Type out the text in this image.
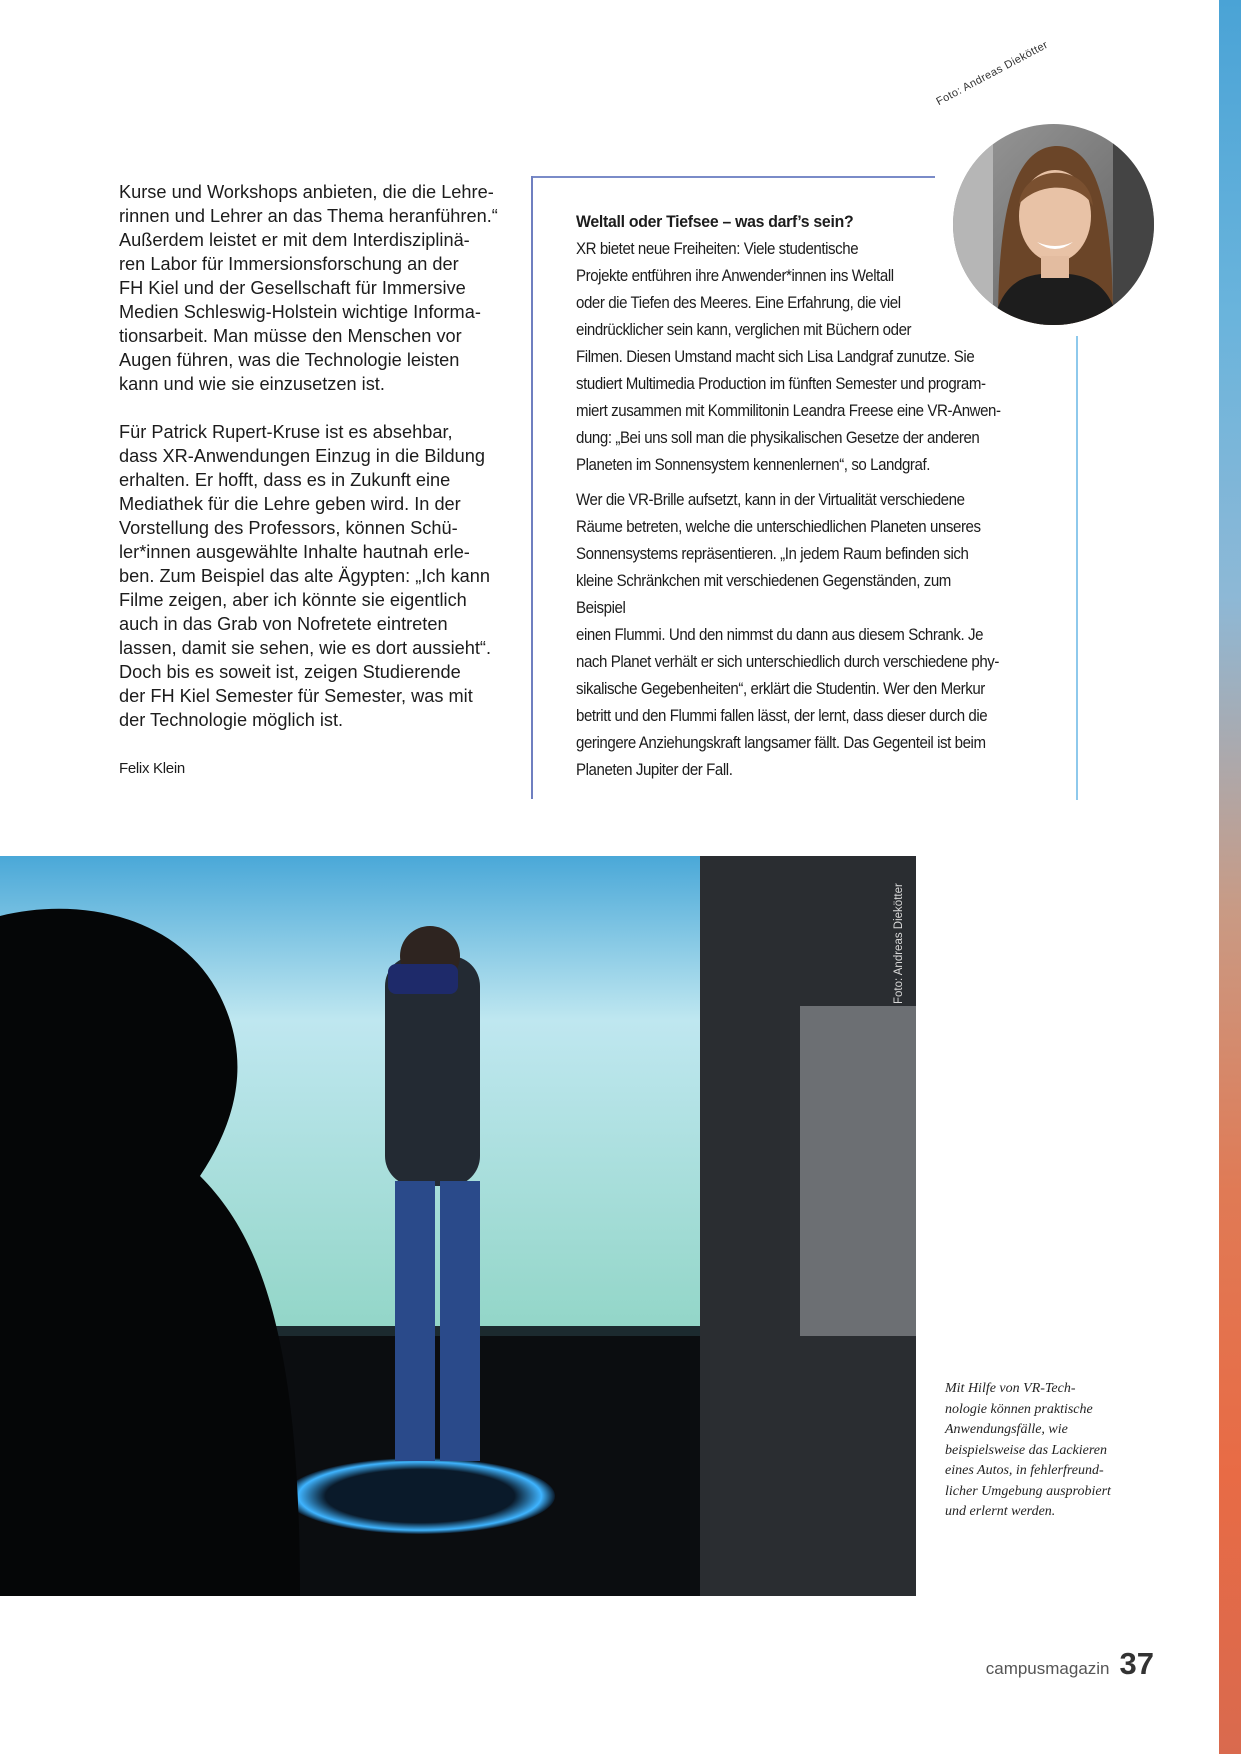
Kurse und Workshops anbieten, die die Lehre-
rinnen und Lehrer an das Thema heranführen.“
Außerdem leistet er mit dem Interdisziplinä-
ren Labor für Immersionsforschung an der
FH Kiel und der Gesellschaft für Immersive
Medien Schleswig-Holstein wichtige Informa-
tionsarbeit. Man müsse den Menschen vor
Augen führen, was die Technologie leisten
kann und wie sie einzusetzen ist.

Für Patrick Rupert-Kruse ist es absehbar,
dass XR-Anwendungen Einzug in die Bildung
erhalten. Er hofft, dass es in Zukunft eine
Mediathek für die Lehre geben wird. In der
Vorstellung des Professors, können Schü-
ler*innen ausgewählte Inhalte hautnah erle-
ben. Zum Beispiel das alte Ägypten: „Ich kann
Filme zeigen, aber ich könnte sie eigentlich
auch in das Grab von Nofretete eintreten
lassen, damit sie sehen, wie es dort aussieht“.
Doch bis es soweit ist, zeigen Studierende
der FH Kiel Semester für Semester, was mit
der Technologie möglich ist.

Felix Klein
Weltall oder Tiefsee – was darf’s sein?

XR bietet neue Freiheiten: Viele studentische
Projekte entführen ihre Anwender*innen ins Weltall
oder die Tiefen des Meeres. Eine Erfahrung, die viel
eindrücklicher sein kann, verglichen mit Büchern oder
Filmen. Diesen Umstand macht sich Lisa Landgraf zunutze. Sie
studiert Multimedia Production im fünften Semester und program-
miert zusammen mit Kommilitonin Leandra Freese eine VR-Anwen-
dung: „Bei uns soll man die physikalischen Gesetze der anderen
Planeten im Sonnensystem kennenlernen“, so Landgraf.

Wer die VR-Brille aufsetzt, kann in der Virtualität verschiedene
Räume betreten, welche die unterschiedlichen Planeten unseres
Sonnensystems repräsentieren. „In jedem Raum befinden sich
kleine Schränkchen mit verschiedenen Gegenständen, zum Beispiel
einen Flummi. Und den nimmst du dann aus diesem Schrank. Je
nach Planet verhält er sich unterschiedlich durch verschiedene phy-
sikalische Gegebenheiten“, erklärt die Studentin. Wer den Merkur
betritt und den Flummi fallen lässt, der lernt, dass dieser durch die
geringere Anziehungskraft langsamer fällt. Das Gegenteil ist beim
Planeten Jupiter der Fall.

Foto: Andreas Diekötter
Foto: Andreas Diekötter
Mit Hilfe von VR-Tech-
nologie können praktische
Anwendungsfälle, wie
beispielsweise das Lackieren
eines Autos, in fehlerfreund-
licher Umgebung ausprobiert
und erlernt werden.
campusmagazin 37
